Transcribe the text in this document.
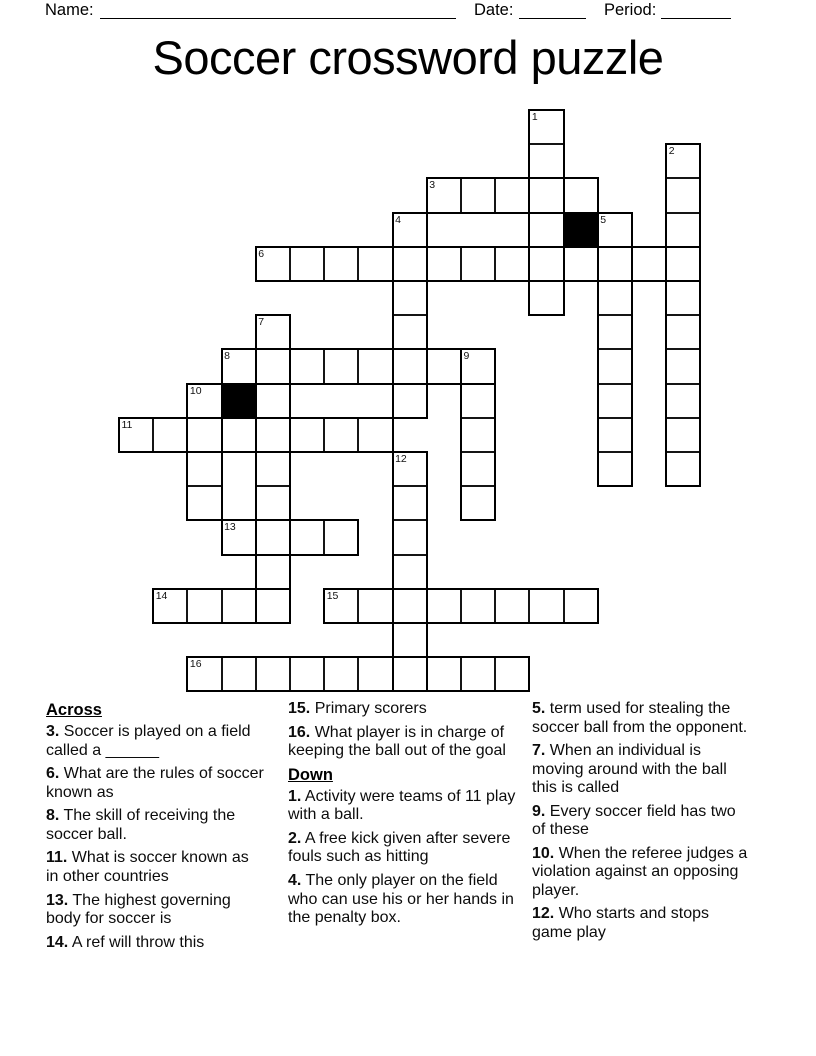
Name:	Date:	Period:
Soccer crossword puzzle
1
2
3
4	5
6
7
8	9
10
11
12
13
14	15
16
Across
3. Soccer is played on a field called a ______
6. What are the rules of soccer known as
8. The skill of receiving the soccer ball.
11. What is soccer known as in other countries
13. The highest governing body for soccer is
14. A ref will throw this
15. Primary scorers
16. What player is in charge of keeping the ball out of the goal
Down
1. Activity were teams of 11 play with a ball.
2. A free kick given after severe fouls such as hitting
4. The only player on the field who can use his or her hands in the penalty box.
5. term used for stealing the soccer ball from the opponent.
7. When an individual is moving around with the ball this is called
9. Every soccer field has two of these
10. When the referee judges a violation against an opposing player.
12. Who starts and stops game play
